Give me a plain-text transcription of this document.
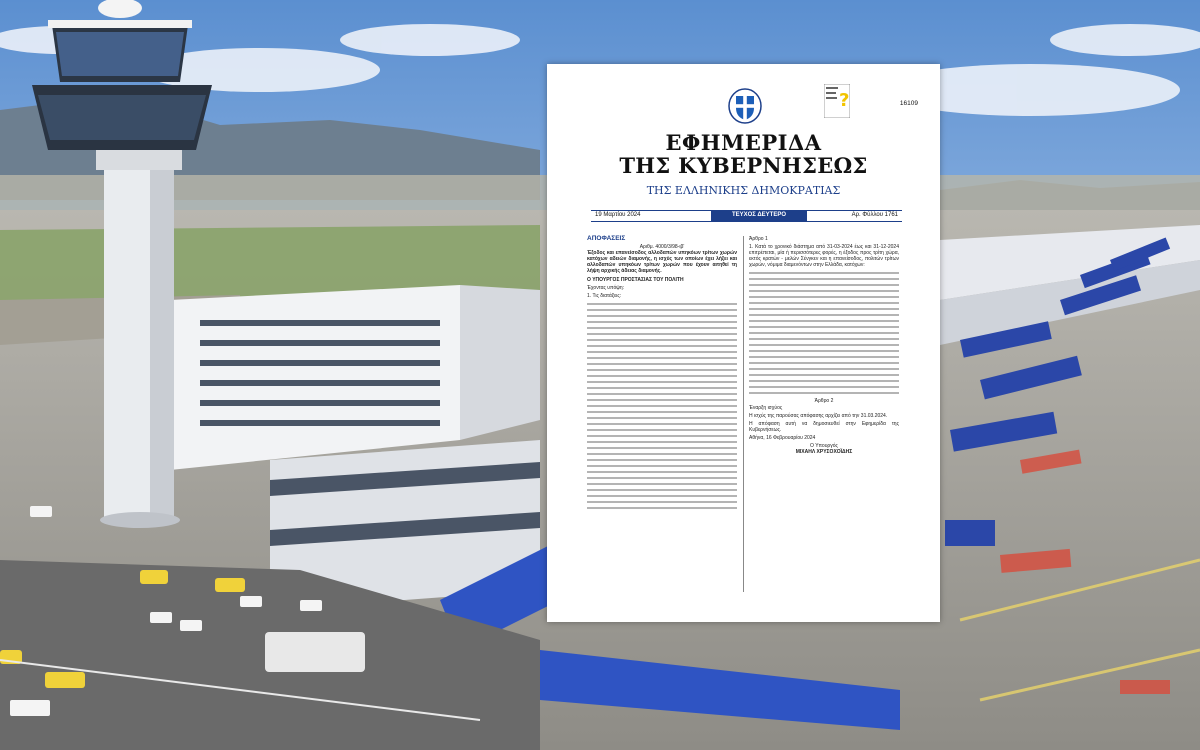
?	16109
ΕΦΗΜΕΡΙΔΑ
ΤΗΣ ΚΥΒΕΡΝΗΣΕΩΣ
ΤΗΣ ΕΛΛΗΝΙΚΗΣ ΔΗΜΟΚΡΑΤΙΑΣ
19 Μαρτίου 2024	ΤΕΥΧΟΣ ΔΕΥΤΕΡΟ	Αρ. Φύλλου 1761
ΑΠΟΦΑΣΕΙΣ
Αριθμ. 4000/3/98-ιβ'
Έξοδος και επανείσοδος αλλοδαπών υπηκόων τρίτων χωρών κατόχων αδειών διαμονής, η ισχύς των οποίων έχει λήξει και αλλοδαπών υπηκόων τρίτων χωρών που έχουν αιτηθεί τη λήψη αρχικής άδειας διαμονής.
Ο ΥΠΟΥΡΓΟΣ ΠΡΟΣΤΑΣΙΑΣ ΤΟΥ ΠΟΛΙΤΗ
Έχοντας υπόψη:
1. Τις διατάξεις:
Άρθρο 1
1. Κατά το χρονικό διάστημα από 31-03-2024 έως και 31-12-2024 επιτρέπεται, μία ή περισσότερες φορές, η έξοδος προς τρίτη χώρα, εκτός κρατών - μελών Σένγκεν και η επανείσοδος, πολιτών τρίτων χωρών, νόμιμα διαμενόντων στην Ελλάδα, κατόχων:
Άρθρο 2
Έναρξη ισχύος
Η ισχύς της παρούσας απόφασης αρχίζει από την 31.03.2024.
Η απόφαση αυτή να δημοσιευθεί στην Εφημερίδα της Κυβερνήσεως.
Αθήνα, 16 Φεβρουαρίου 2024
Ο Υπουργός
ΜΙΧΑΗΛ ΧΡΥΣΟΧΟΪΔΗΣ
